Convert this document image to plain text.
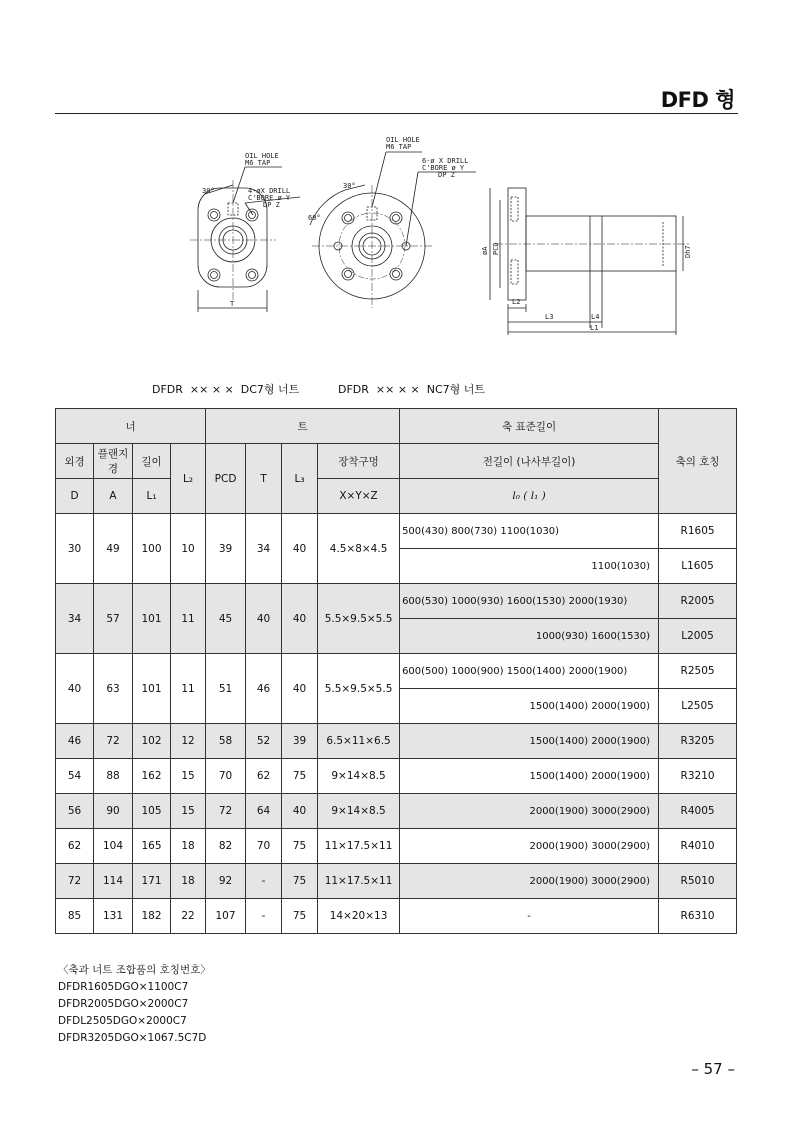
DFD 형
OIL HOLE
M6 TAP
4-øX DRILL
C'BORE ø Y
DP Z
30°
T
OIL HOLE
M6 TAP
6-ø X DRILL
C'BORE ø Y
DP Z
30°
60°
øA PCD	Dh7
L2
L3	L4
L1

DFDR  ×× × ×  DC7형 너트

	DFDR  ×× × ×  NC7형 너트

너				트				축 표준길이	축의 호칭
외경	플랜지경	길이	L₂	PCD	T	L₃	장착구멍	전길이 (나사부길이)	
D	A	L₁					X×Y×Z	l₀ ( l₁ )	
30	49	100	10	39	34	40	4.5×8×4.5	500(430) 800(730) 1100(1030)	R1605
								1100(1030)	L1605
34	57	101	11	45	40	40	5.5×9.5×5.5	600(530) 1000(930) 1600(1530) 2000(1930)	R2005
								1000(930) 1600(1530)	L2005
40	63	101	11	51	46	40	5.5×9.5×5.5	600(500) 1000(900) 1500(1400) 2000(1900)	R2505
								1500(1400) 2000(1900)	L2505
46	72	102	12	58	52	39	6.5×11×6.5	1500(1400) 2000(1900)	R3205
54	88	162	15	70	62	75	9×14×8.5	1500(1400) 2000(1900)	R3210
56	90	105	15	72	64	40	9×14×8.5	2000(1900) 3000(2900)	R4005
62	104	165	18	82	70	75	11×17.5×11	2000(1900) 3000(2900)	R4010
72	114	171	18	92	-	75	11×17.5×11	2000(1900) 3000(2900)	R5010
85	131	182	22	107	-	75	14×20×13	-	R6310
〈축과 너트 조합품의 호칭번호〉
DFDR1605DGO×1100C7
DFDR2005DGO×2000C7
DFDL2505DGO×2000C7
DFDR3205DGO×1067.5C7D
– 57 –
